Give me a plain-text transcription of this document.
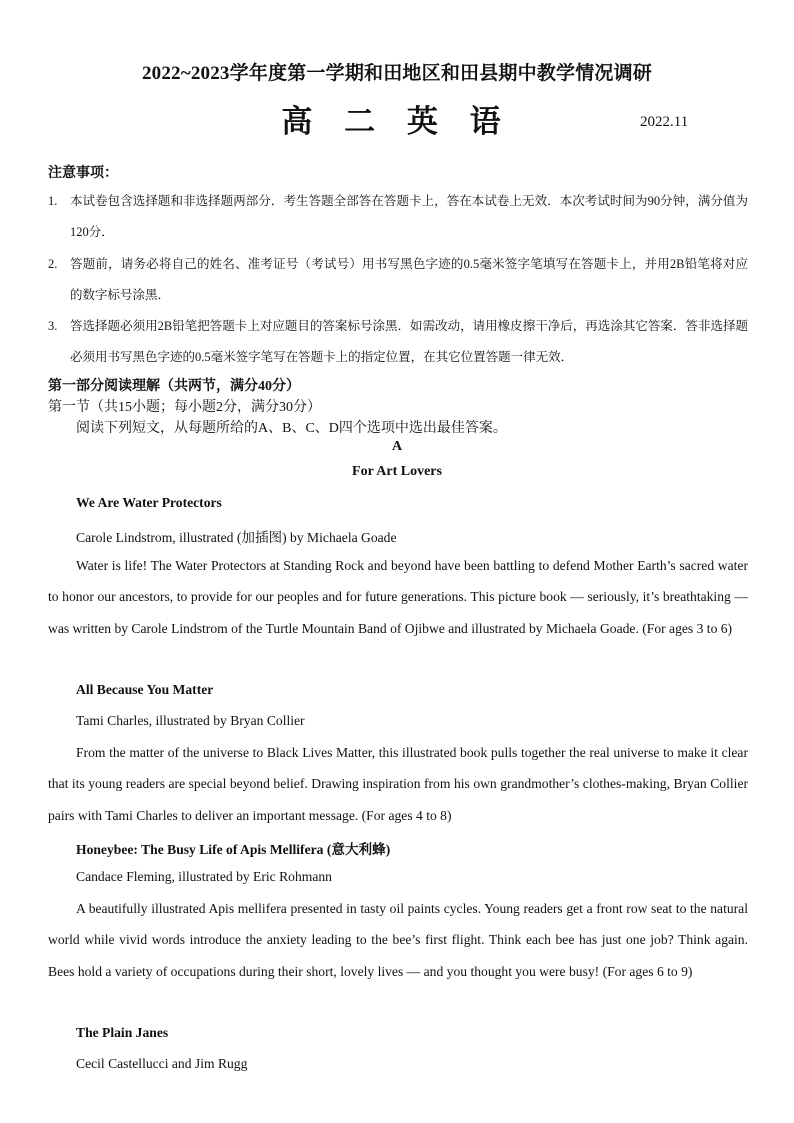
2022~2023学年度第一学期和田地区和田县期中教学情况调研
高 二 英 语	2022.11
注意事项：
1.	本试卷包含选择题和非选择题两部分．考生答题全部答在答题卡上，答在本试卷上无效．本次考试时间为90分钟，满分值为120分．
2.	答题前，请务必将自己的姓名、准考证号（考试号）用书写黑色字迹的0.5毫米签字笔填写在答题卡上，并用2B铅笔将对应的数字标号涂黑．
3.	答选择题必须用2B铅笔把答题卡上对应题目的答案标号涂黑．如需改动，请用橡皮擦干净后，再选涂其它答案．答非选择题必须用书写黑色字迹的0.5毫米签字笔写在答题卡上的指定位置，在其它位置答题一律无效．
第一部分阅读理解（共两节，满分40分）
第一节（共15小题；每小题2分，满分30分）
阅读下列短文，从每题所给的A、B、C、D四个选项中选出最佳答案。
A
For Art Lovers
We Are Water Protectors
Carole Lindstrom, illustrated (加插图) by Michaela Goade

Water is life! The Water Protectors at Standing Rock and beyond have been battling to defend Mother Earth’s sacred water to honor our ancestors, to provide for our peoples and for future generations. This picture book — seriously, it’s breathtaking — was written by Carole Lindstrom of the Turtle Mountain Band of Ojibwe and illustrated by Michaela Goade. (For ages 3 to 6)

All Because You Matter
Tami Charles, illustrated by Bryan Collier

From the matter of the universe to Black Lives Matter, this illustrated book pulls together the real universe to make it clear that its young readers are special beyond belief. Drawing inspiration from his own grandmother’s clothes-making, Bryan Collier pairs with Tami Charles to deliver an important message. (For ages 4 to 8)

Honeybee: The Busy Life of Apis Mellifera (意大利蜂)
Candace Fleming, illustrated by Eric Rohmann

A beautifully illustrated Apis mellifera presented in tasty oil paints cycles. Young readers get a front row seat to the natural world while vivid words introduce the anxiety leading to the bee’s first flight. Think each bee has just one job? Think again. Bees hold a variety of occupations during their short, lovely lives — and you thought you were busy! (For ages 6 to 9)

The Plain Janes
Cecil Castellucci and Jim Rugg
